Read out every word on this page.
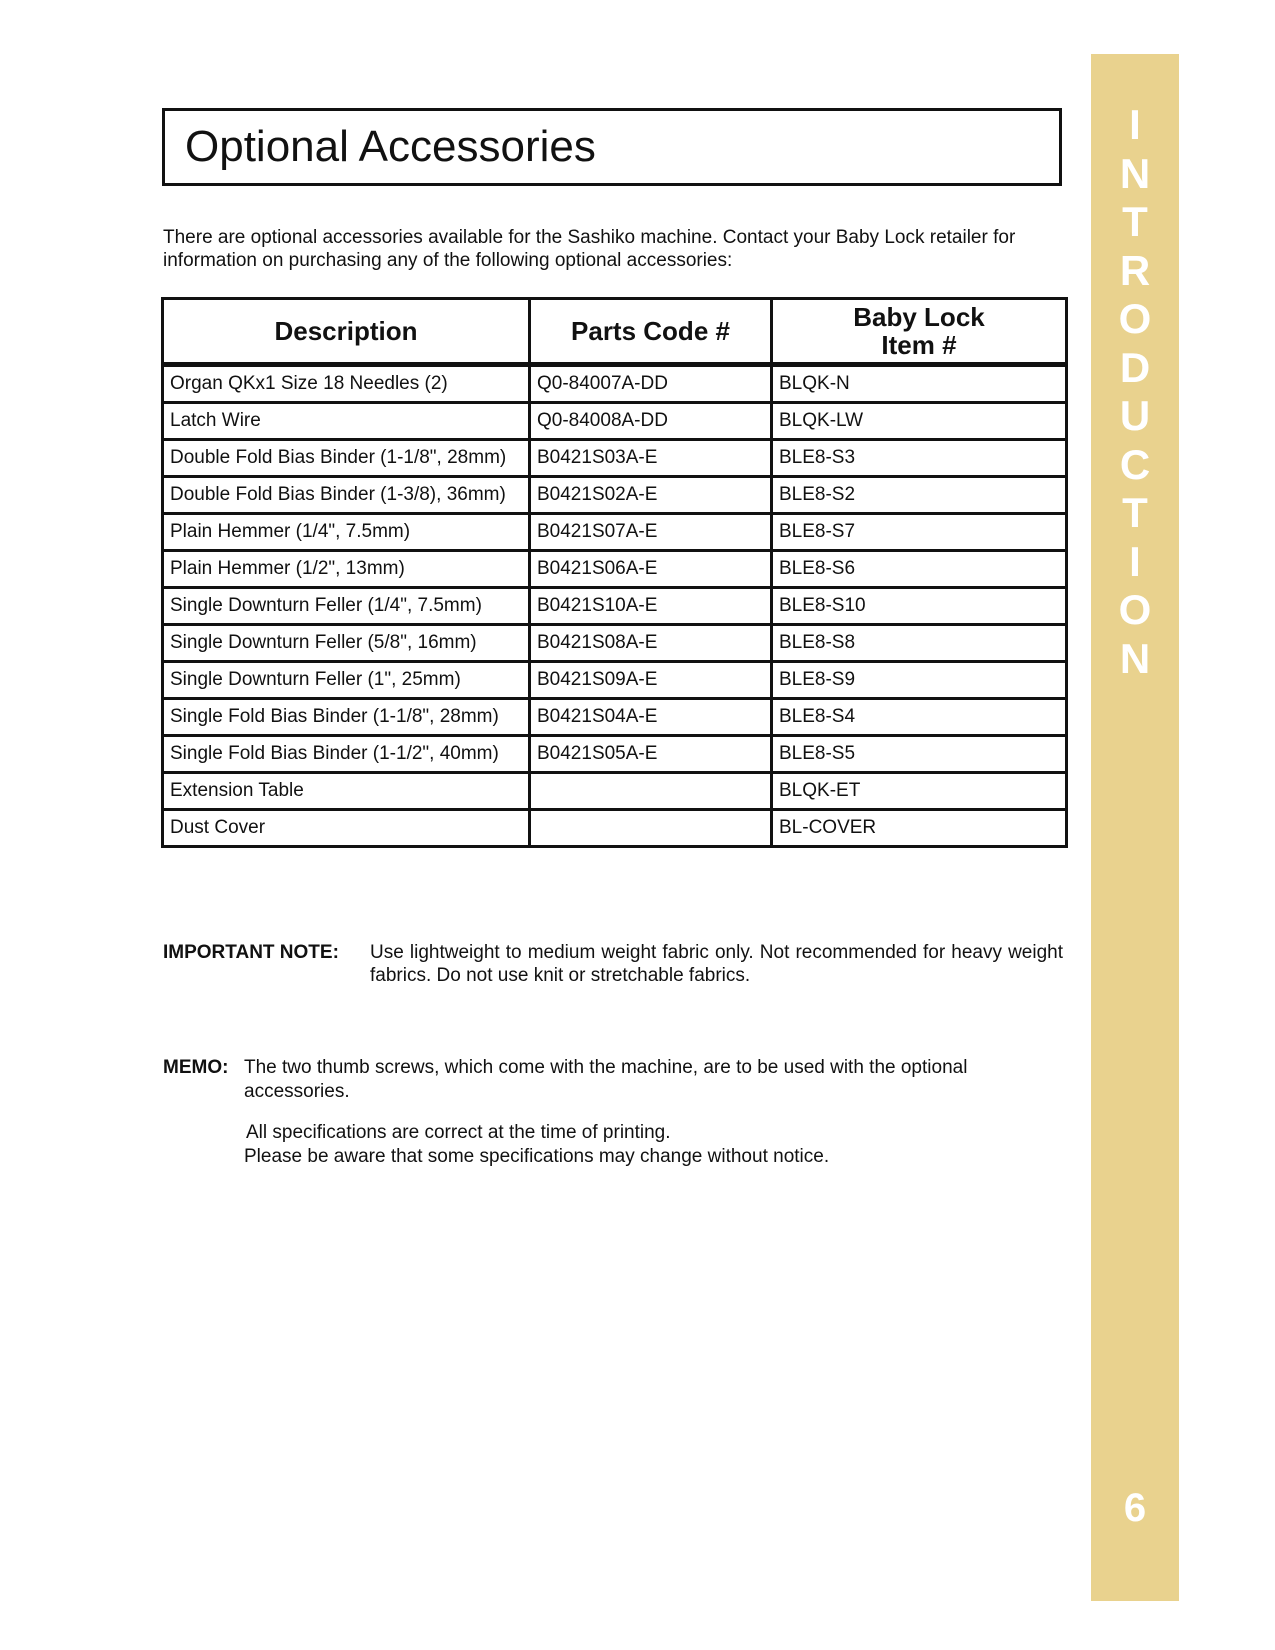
Optional Accessories
There are optional accessories available for the Sashiko machine. Contact your Baby Lock retailer for information on purchasing any of the following optional accessories:
Description	Parts Code #	Baby Lock
Item #

Organ QKx1 Size 18 Needles (2)	Q0-84007A-DD	BLQK-N
Latch Wire	Q0-84008A-DD	BLQK-LW
Double Fold Bias Binder (1-1/8", 28mm)	B0421S03A-E	BLE8-S3
Double Fold Bias Binder (1-3/8), 36mm)	B0421S02A-E	BLE8-S2
Plain Hemmer (1/4", 7.5mm)	B0421S07A-E	BLE8-S7
Plain Hemmer (1/2", 13mm)	B0421S06A-E	BLE8-S6
Single Downturn Feller (1/4", 7.5mm)	B0421S10A-E	BLE8-S10
Single Downturn Feller (5/8", 16mm)	B0421S08A-E	BLE8-S8
Single Downturn Feller (1", 25mm)	B0421S09A-E	BLE8-S9
Single Fold Bias Binder (1-1/8", 28mm)	B0421S04A-E	BLE8-S4
Single Fold Bias Binder (1-1/2", 40mm)	B0421S05A-E	BLE8-S5
Extension Table		BLQK-ET
Dust Cover		BL-COVER
IMPORTANT NOTE: Use lightweight to medium weight fabric only. Not recommended for heavy weight fabrics. Do not use knit or stretchable fabrics.
MEMO: The two thumb screws, which come with the machine, are to be used with the optional accessories.
All specifications are correct at the time of printing.
Please be aware that some specifications may change without notice.
6
I
N
T
R
O
D
U
C
T
I
O
N
